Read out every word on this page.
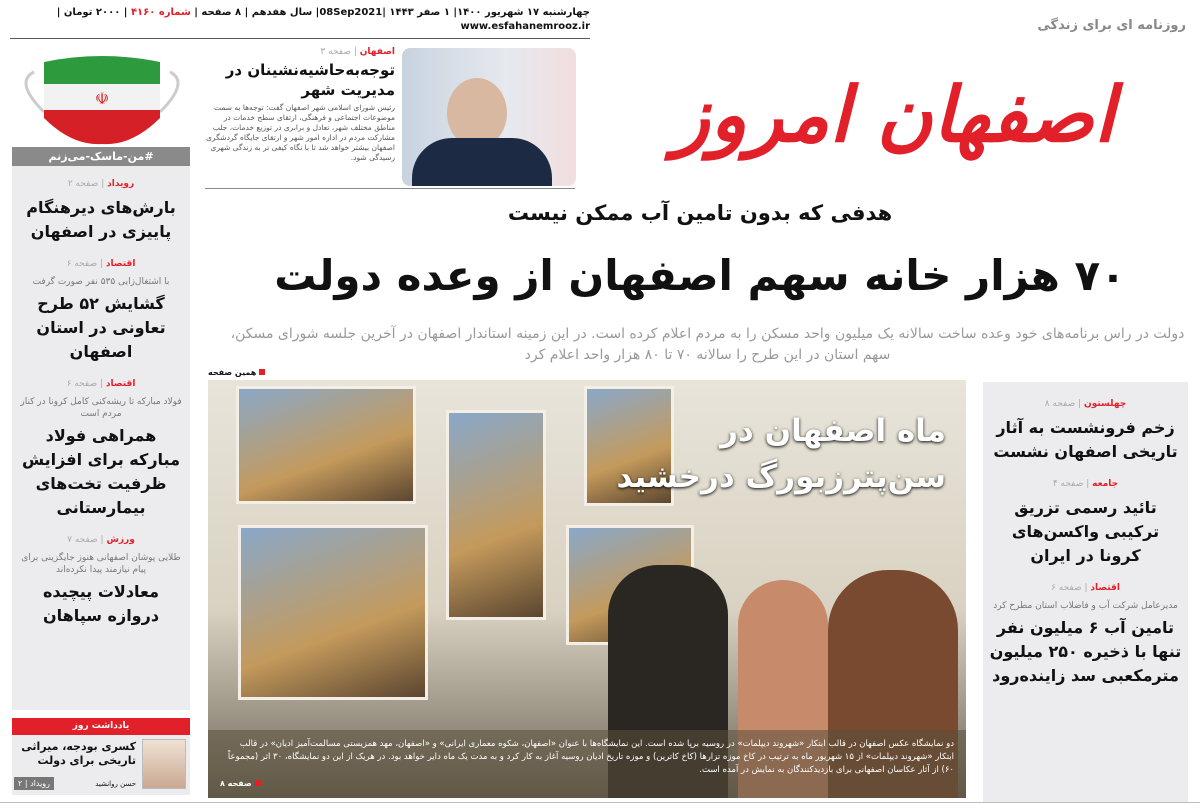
چهارشنبه ۱۷ شهریور ۱۴۰۰| ۱ صفر ۱۴۴۳ |08Sep2021| سال هفدهم | ۸ صفحه | شماره ۴۱۶۰ | ۲۰۰۰ تومان | www.esfahanemrooz.ir	روزنامه ای برای زندگی
اصفهان امروز
☫
#من-ماسک-می‌زنم
رویداد | صفحه ۲
بارش‌های دیرهنگام پاییزی در اصفهان
اقتصاد | صفحه ۶
با اشتغال‌زایی ۵۳۵ نفر صورت گرفت
گشایش ۵۲ طرح تعاونی در استان اصفهان
اقتصاد | صفحه ۶
فولاد مبارکه تا ریشه‌کنی کامل کرونا در کنار مردم است
همراهی فولاد مبارکه برای افزایش ظرفیت تخت‌های بیمارستانی
ورزش | صفحه ۷
طلایی پوشان اصفهانی هنوز جایگزینی برای پیام نیازمند پیدا نکرده‌اند
معادلات پیچیده دروازه سپاهان
اصفهان | صفحه ۳
توجه‌به‌حاشیه‌نشینان در مدیریت شهر
رئیس شورای اسلامی شهر اصفهان گفت: توجه‌ها به سمت موضوعات اجتماعی و فرهنگی، ارتقای سطح خدمات در مناطق مختلف شهر، تعادل و برابری در توزیع خدمات، جلب مشارکت مردم در اداره امور شهر و ارتقای جایگاه گردشگری اصفهان بیشتر خواهد شد تا با نگاه کیفی تر به زندگی شهری رسیدگی شود.
هدفی که بدون تامین آب ممکن نیست
۷۰ هزار خانه سهم اصفهان از وعده دولت
دولت در راس برنامه‌های خود وعده ساخت سالانه یک میلیون واحد مسکن را به مردم اعلام کرده است. در این زمینه استاندار اصفهان در آخرین جلسه شورای مسکن، سهم استان در این طرح را سالانه ۷۰ تا ۸۰ هزار واحد اعلام کرد
همین صفحه
ماه اصفهان در سن‌پترزبورگ درخشید
دو نمایشگاه عکس اصفهان در قالب ابتکار «شهروند دیپلمات» در روسیه برپا شده است. این نمایشگاه‌ها با عنوان «اصفهان، شکوه معماری ایرانی» و «اصفهان، مهد همزیستی مسالمت‌آمیز ادیان» در قالب ابتکار «شهروند دیپلمات» از ۱۵ شهریور ماه به ترتیب در کاخ موزه تزارها (کاخ کاترین) و موزه تاریخ ادیان روسیه آغاز به کار کرد و به مدت یک ماه دایر خواهد بود. در هریک از این دو نمایشگاه، ۳۰ اثر (مجموعاً ۶۰) از آثار عکاسان اصفهانی برای بازدیدکنندگان به نمایش در آمده است.
صفحه ۸
چهلستون | صفحه ۸
زخم فرونشست به آثار تاریخی اصفهان نشست
جامعه | صفحه ۴
تائید رسمی تزریق ترکیبی واکسن‌های کرونا در ایران
اقتصاد | صفحه ۶
مدیرعامل شرکت آب و فاضلاب استان مطرح کرد
تامین آب ۶ میلیون نفر تنها با ذخیره ۲۵۰ میلیون مترمکعبی سد زاینده‌رود
یادداشت روز
کسری بودجه، میراثی تاریخی برای دولت
حسن روانشید
رویداد | ۲
